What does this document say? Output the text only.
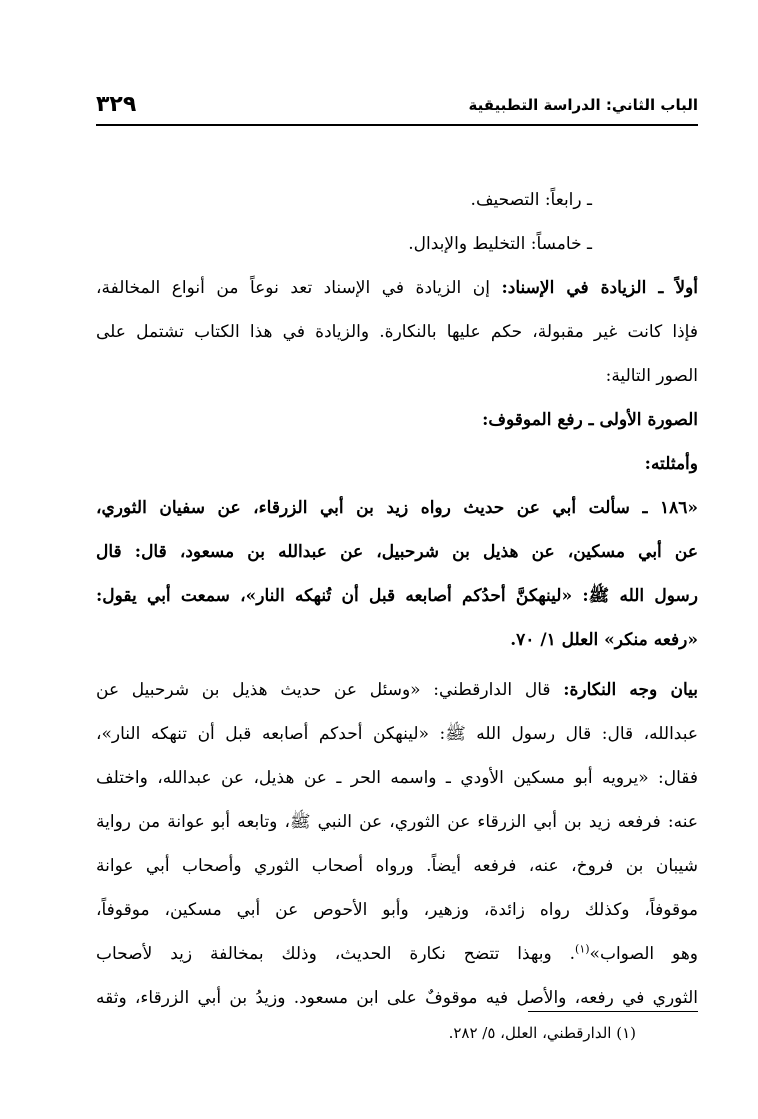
الباب الثاني: الدراسة التطبيقية
٣٢٩
ـ رابعاً: التصحيف.
ـ خامساً: التخليط والإبدال.
أولاً ـ الزيادة في الإسناد: إن الزيادة في الإسناد تعد نوعاً من أنواع المخالفة،
فإذا كانت غير مقبولة، حكم عليها بالنكارة. والزيادة في هذا الكتاب تشتمل على
الصور التالية:
الصورة الأولى ـ رفع الموقوف:
وأمثلته:
«١٨٦ ـ سألت أبي عن حديث رواه زيد بن أبي الزرقاء، عن سفيان الثوري،
عن أبي مسكين، عن هذيل بن شرحبيل، عن عبدالله بن مسعود، قال: قال
رسول الله ﷺ: «لينهكنَّ أحدُكم أصابعه قبل أن تُنهكه النار»، سمعت أبي يقول:
«رفعه منكر» العلل ١/ ٧٠.
بيان وجه النكارة: قال الدارقطني: «وسئل عن حديث هذيل بن شرحبيل عن
عبدالله، قال: قال رسول الله ﷺ: «لينهكن أحدكم أصابعه قبل أن تنهكه النار»،
فقال: «يرويه أبو مسكين الأودي ـ واسمه الحر ـ عن هذيل، عن عبدالله، واختلف
عنه: فرفعه زيد بن أبي الزرقاء عن الثوري، عن النبي ﷺ، وتابعه أبو عوانة من رواية
شيبان بن فروخ، عنه، فرفعه أيضاً. ورواه أصحاب الثوري وأصحاب أبي عوانة
موقوفاً، وكذلك رواه زائدة، وزهير، وأبو الأحوص عن أبي مسكين، موقوفاً،
وهو الصواب»$^{(١)}$. وبهذا تتضح نكارة الحديث، وذلك بمخالفة زيد لأصحاب
الثوري في رفعه، والأصل فيه موقوفٌ على ابن مسعود. وزيدُ بن أبي الزرقاء، وثقه
(١) الدارقطني، العلل، ٥/ ٢٨٢.
